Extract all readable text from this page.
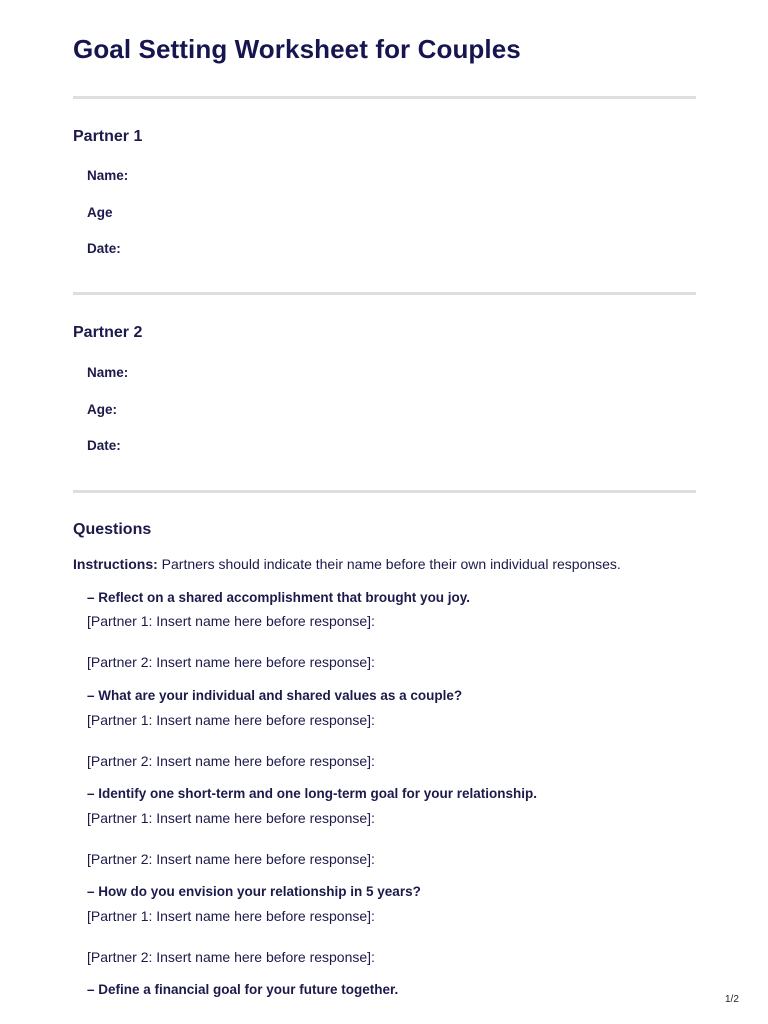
Goal Setting Worksheet for Couples
Partner 1
Name:
Age
Date:
Partner 2
Name:
Age:
Date:
Questions
Instructions: Partners should indicate their name before their own individual responses.
– Reflect on a shared accomplishment that brought you joy.
[Partner 1: Insert name here before response]:
[Partner 2: Insert name here before response]:
– What are your individual and shared values as a couple?
[Partner 1: Insert name here before response]:
[Partner 2: Insert name here before response]:
– Identify one short-term and one long-term goal for your relationship.
[Partner 1: Insert name here before response]:
[Partner 2: Insert name here before response]:
– How do you envision your relationship in 5 years?
[Partner 1: Insert name here before response]:
[Partner 2: Insert name here before response]:
– Define a financial goal for your future together.
1/2
